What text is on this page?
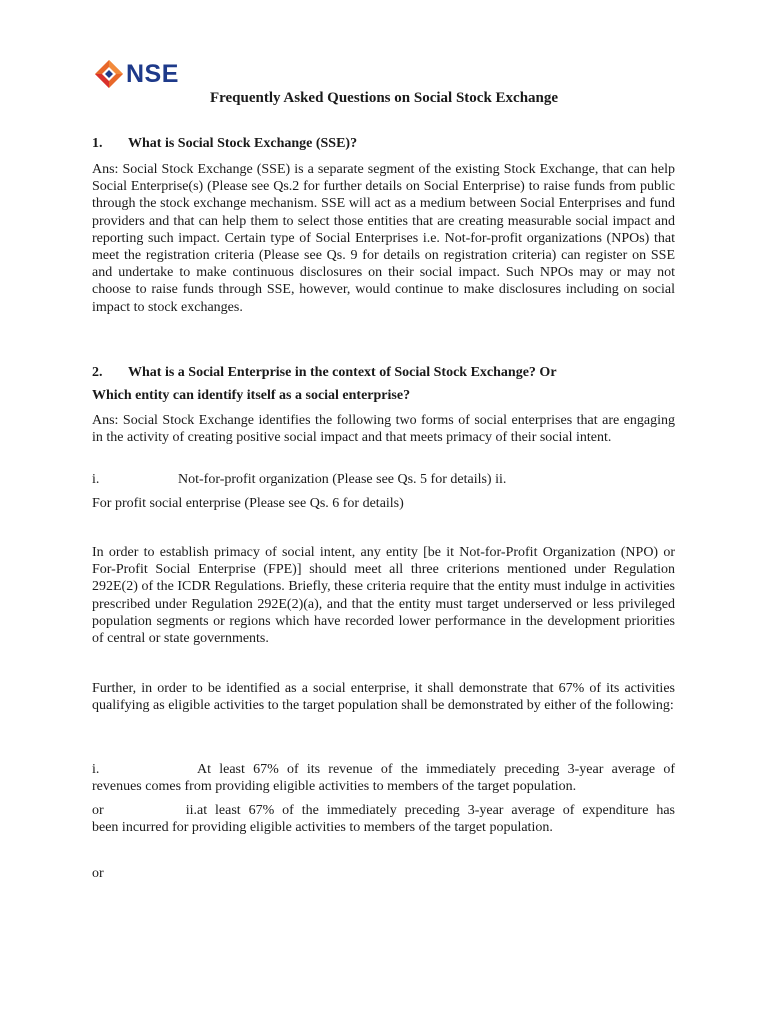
NSE
Frequently Asked Questions on Social Stock Exchange
1. What is Social Stock Exchange (SSE)?
Ans: Social Stock Exchange (SSE) is a separate segment of the existing Stock Exchange, that can help Social Enterprise(s) (Please see Qs.2 for further details on Social Enterprise) to raise funds from public through the stock exchange mechanism. SSE will act as a medium between Social Enterprises and fund providers and that can help them to select those entities that are creating measurable social impact and reporting such impact. Certain type of Social Enterprises i.e. Not-for-profit organizations (NPOs) that meet the registration criteria (Please see Qs. 9 for details on registration criteria) can register on SSE and undertake to make continuous disclosures on their social impact. Such NPOs may or may not choose to raise funds through SSE, however, would continue to make disclosures including on social impact to stock exchanges.
2. What is a Social Enterprise in the context of Social Stock Exchange? Or
Which entity can identify itself as a social enterprise?
Ans: Social Stock Exchange identifies the following two forms of social enterprises that are engaging in the activity of creating positive social impact and that meets primacy of their social intent.
i.	Not-for-profit organization (Please see Qs. 5 for details) ii.
For profit social enterprise (Please see Qs. 6 for details)
In order to establish primacy of social intent, any entity [be it Not-for-Profit Organization (NPO) or For-Profit Social Enterprise (FPE)] should meet all three criterions mentioned under Regulation 292E(2) of the ICDR Regulations. Briefly, these criteria require that the entity must indulge in activities prescribed under Regulation 292E(2)(a), and that the entity must target underserved or less privileged population segments or regions which have recorded lower performance in the development priorities of central or state governments.
Further, in order to be identified as a social enterprise, it shall demonstrate that 67% of its activities qualifying as eligible activities to the target population shall be demonstrated by either of the following:
i.	At least 67% of its revenue of the immediately preceding 3-year average of
revenues comes from providing eligible activities to members of the target population.
or ii.at least 67% of the immediately preceding 3-year average of expenditure has
been incurred for providing eligible activities to members of the target population.
or
